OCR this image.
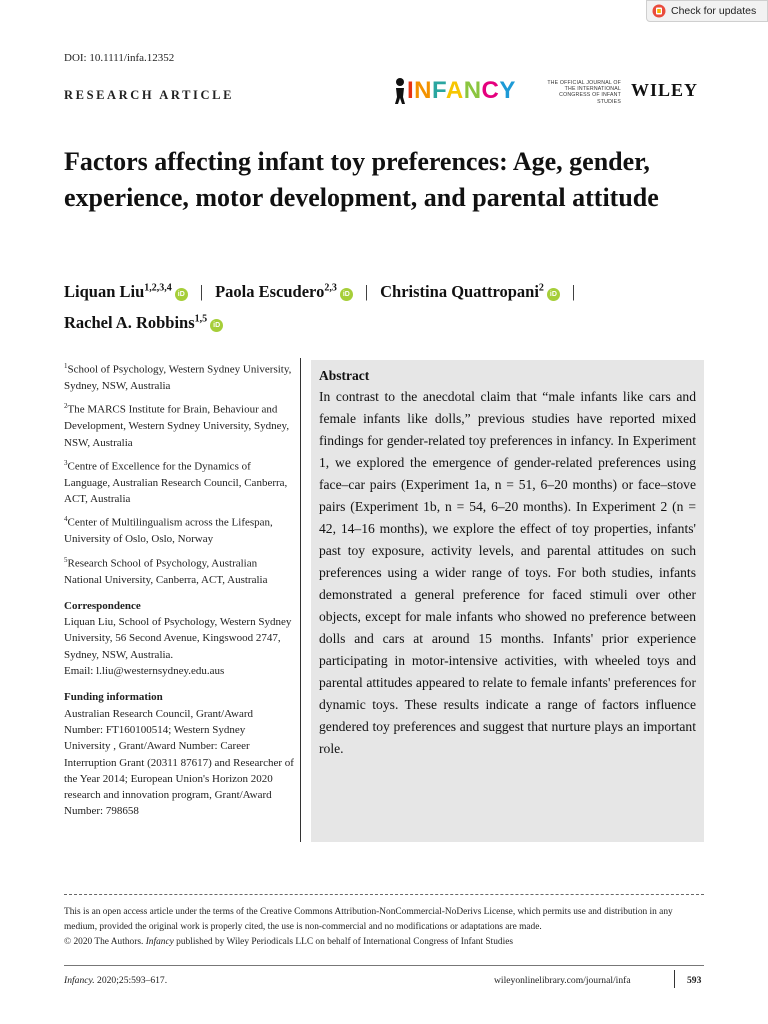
Check for updates
DOI: 10.1111/infa.12352
RESEARCH ARTICLE	INFANCY	THE OFFICIAL JOURNAL OF THE INTERNATIONAL CONGRESS OF INFANT STUDIES
WILEY
Factors affecting infant toy preferences: Age, gender, experience, motor development, and parental attitude
Liquan Liu$^{1,2,3,4}$iD | Paola Escudero$^{2,3}$iD | Christina Quattropani$^2$iD |
Rachel A. Robbins$^{1,5}$iD
$^1$School of Psychology, Western Sydney University, Sydney, NSW, Australia
$^2$The MARCS Institute for Brain, Behaviour and Development, Western Sydney University, Sydney, NSW, Australia
$^3$Centre of Excellence for the Dynamics of Language, Australian Research Council, Canberra, ACT, Australia
$^4$Center of Multilingualism across the Lifespan, University of Oslo, Oslo, Norway
$^5$Research School of Psychology, Australian National University, Canberra, ACT, Australia
Correspondence
Liquan Liu, School of Psychology, Western Sydney University, 56 Second Avenue, Kingswood 2747, Sydney, NSW, Australia.
Email: l.liu@westernsydney.edu.aus
Funding information
Australian Research Council, Grant/Award Number: FT160100514; Western Sydney University , Grant/Award Number: Career Interruption Grant (20311 87617) and Researcher of the Year 2014; European Union's Horizon 2020 research and innovation program, Grant/Award Number: 798658
Abstract
In contrast to the anecdotal claim that “male infants like cars and female infants like dolls,” previous studies have reported mixed findings for gender-related toy preferences in infancy. In Experiment 1, we explored the emergence of gender-related preferences using face–car pairs (Experiment 1a, n = 51, 6–20 months) or face–stove pairs (Experiment 1b, n = 54, 6–20 months). In Experiment 2 (n = 42, 14–16 months), we explore the effect of toy properties, infants' past toy exposure, activity levels, and parental attitudes on such preferences using a wider range of toys. For both studies, infants demonstrated a general preference for faced stimuli over other objects, except for male infants who showed no preference between dolls and cars at around 15 months. Infants' prior experience participating in motor-intensive activities, with wheeled toys and parental attitudes appeared to relate to female infants' preferences for dynamic toys. These results indicate a range of factors influence gendered toy preferences and suggest that nurture plays an important role.
This is an open access article under the terms of the Creative Commons Attribution-NonCommercial-NoDerivs License, which permits use and distribution in any medium, provided the original work is properly cited, the use is non-commercial and no modifications or adaptations are made.
© 2020 The Authors. Infancy published by Wiley Periodicals LLC on behalf of International Congress of Infant Studies
Infancy. 2020;25:593–617.	wileyonlinelibrary.com/journal/infa	593
